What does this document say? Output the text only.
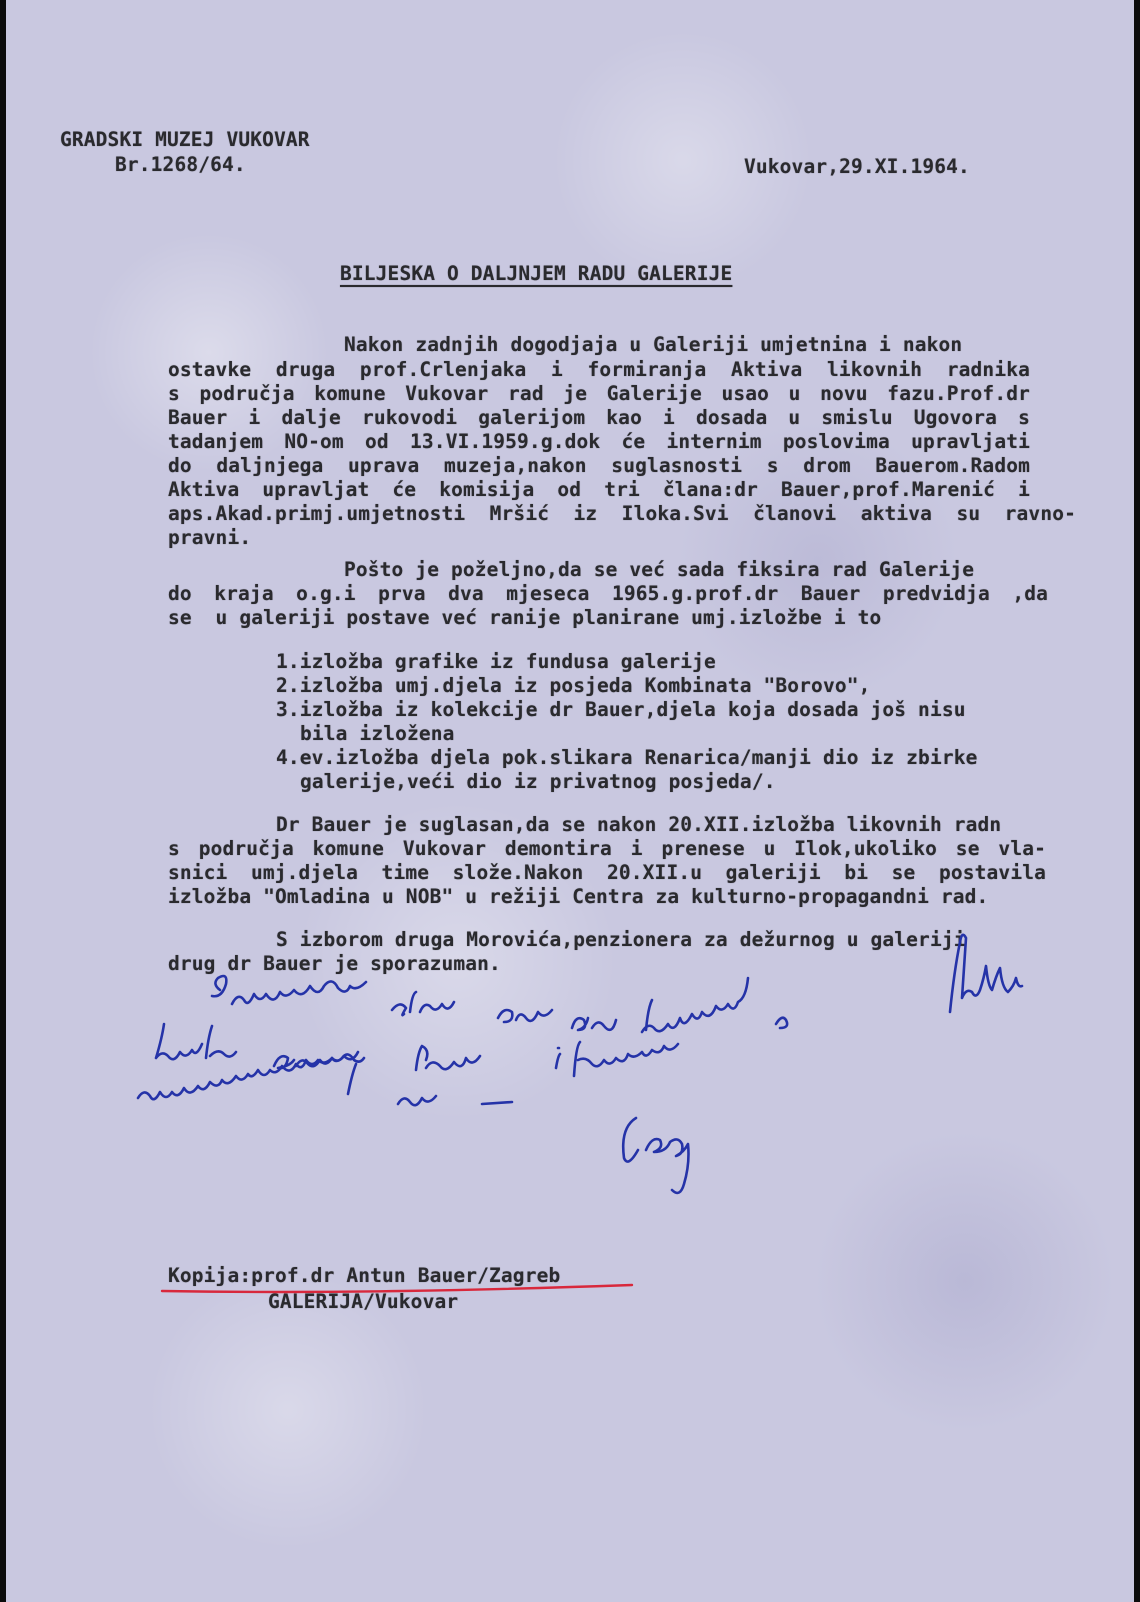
GRADSKI MUZEJ VUKOVAR
Br.1268/64.	Vukovar,29.XI.1964.
BILJESKA O DALJNJEM RADU GALERIJE
Nakon zadnjih dogodjaja u Galeriji umjetnina i nakon
ostavke druga prof.Crlenjaka i formiranja Aktiva likovnih radnika
s područja komune Vukovar rad je Galerije usao u novu fazu.Prof.dr
Bauer i dalje rukovodi galerijom kao i dosada u smislu Ugovora s
tadanjem NO-om od 13.VI.1959.g.dok će internim poslovima upravljati
do daljnjega uprava muzeja,nakon suglasnosti s drom Bauerom.Radom
Aktiva upravljat će komisija od tri člana:dr Bauer,prof.Marenić i
aps.Akad.primj.umjetnosti Mršić iz Iloka.Svi članovi aktiva su ravno-
pravni.
Pošto je poželjno,da se već sada fiksira rad Galerije
do kraja o.g.i prva dva mjeseca 1965.g.prof.dr Bauer predvidja ,da
se  u galeriji postave već ranije planirane umj.izložbe i to
1.izložba grafike iz fundusa galerije
2.izložba umj.djela iz posjeda Kombinata "Borovo",
3.izložba iz kolekcije dr Bauer,djela koja dosada još nisu
bila izložena
4.ev.izložba djela pok.slikara Renarica/manji dio iz zbirke
galerije,veći dio iz privatnog posjeda/.
Dr Bauer je suglasan,da se nakon 20.XII.izložba likovnih radn
s područja komune Vukovar demontira i prenese u Ilok,ukoliko se vla-
snici umj.djela time slože.Nakon 20.XII.u galeriji bi se postavila
izložba "Omladina u NOB" u režiji Centra za kulturno-propagandni rad.
S izborom druga Morovića,penzionera za dežurnog u galeriji
drug dr Bauer je sporazuman.
Kopija:prof.dr Antun Bauer/Zagreb
GALERIJA/Vukovar
